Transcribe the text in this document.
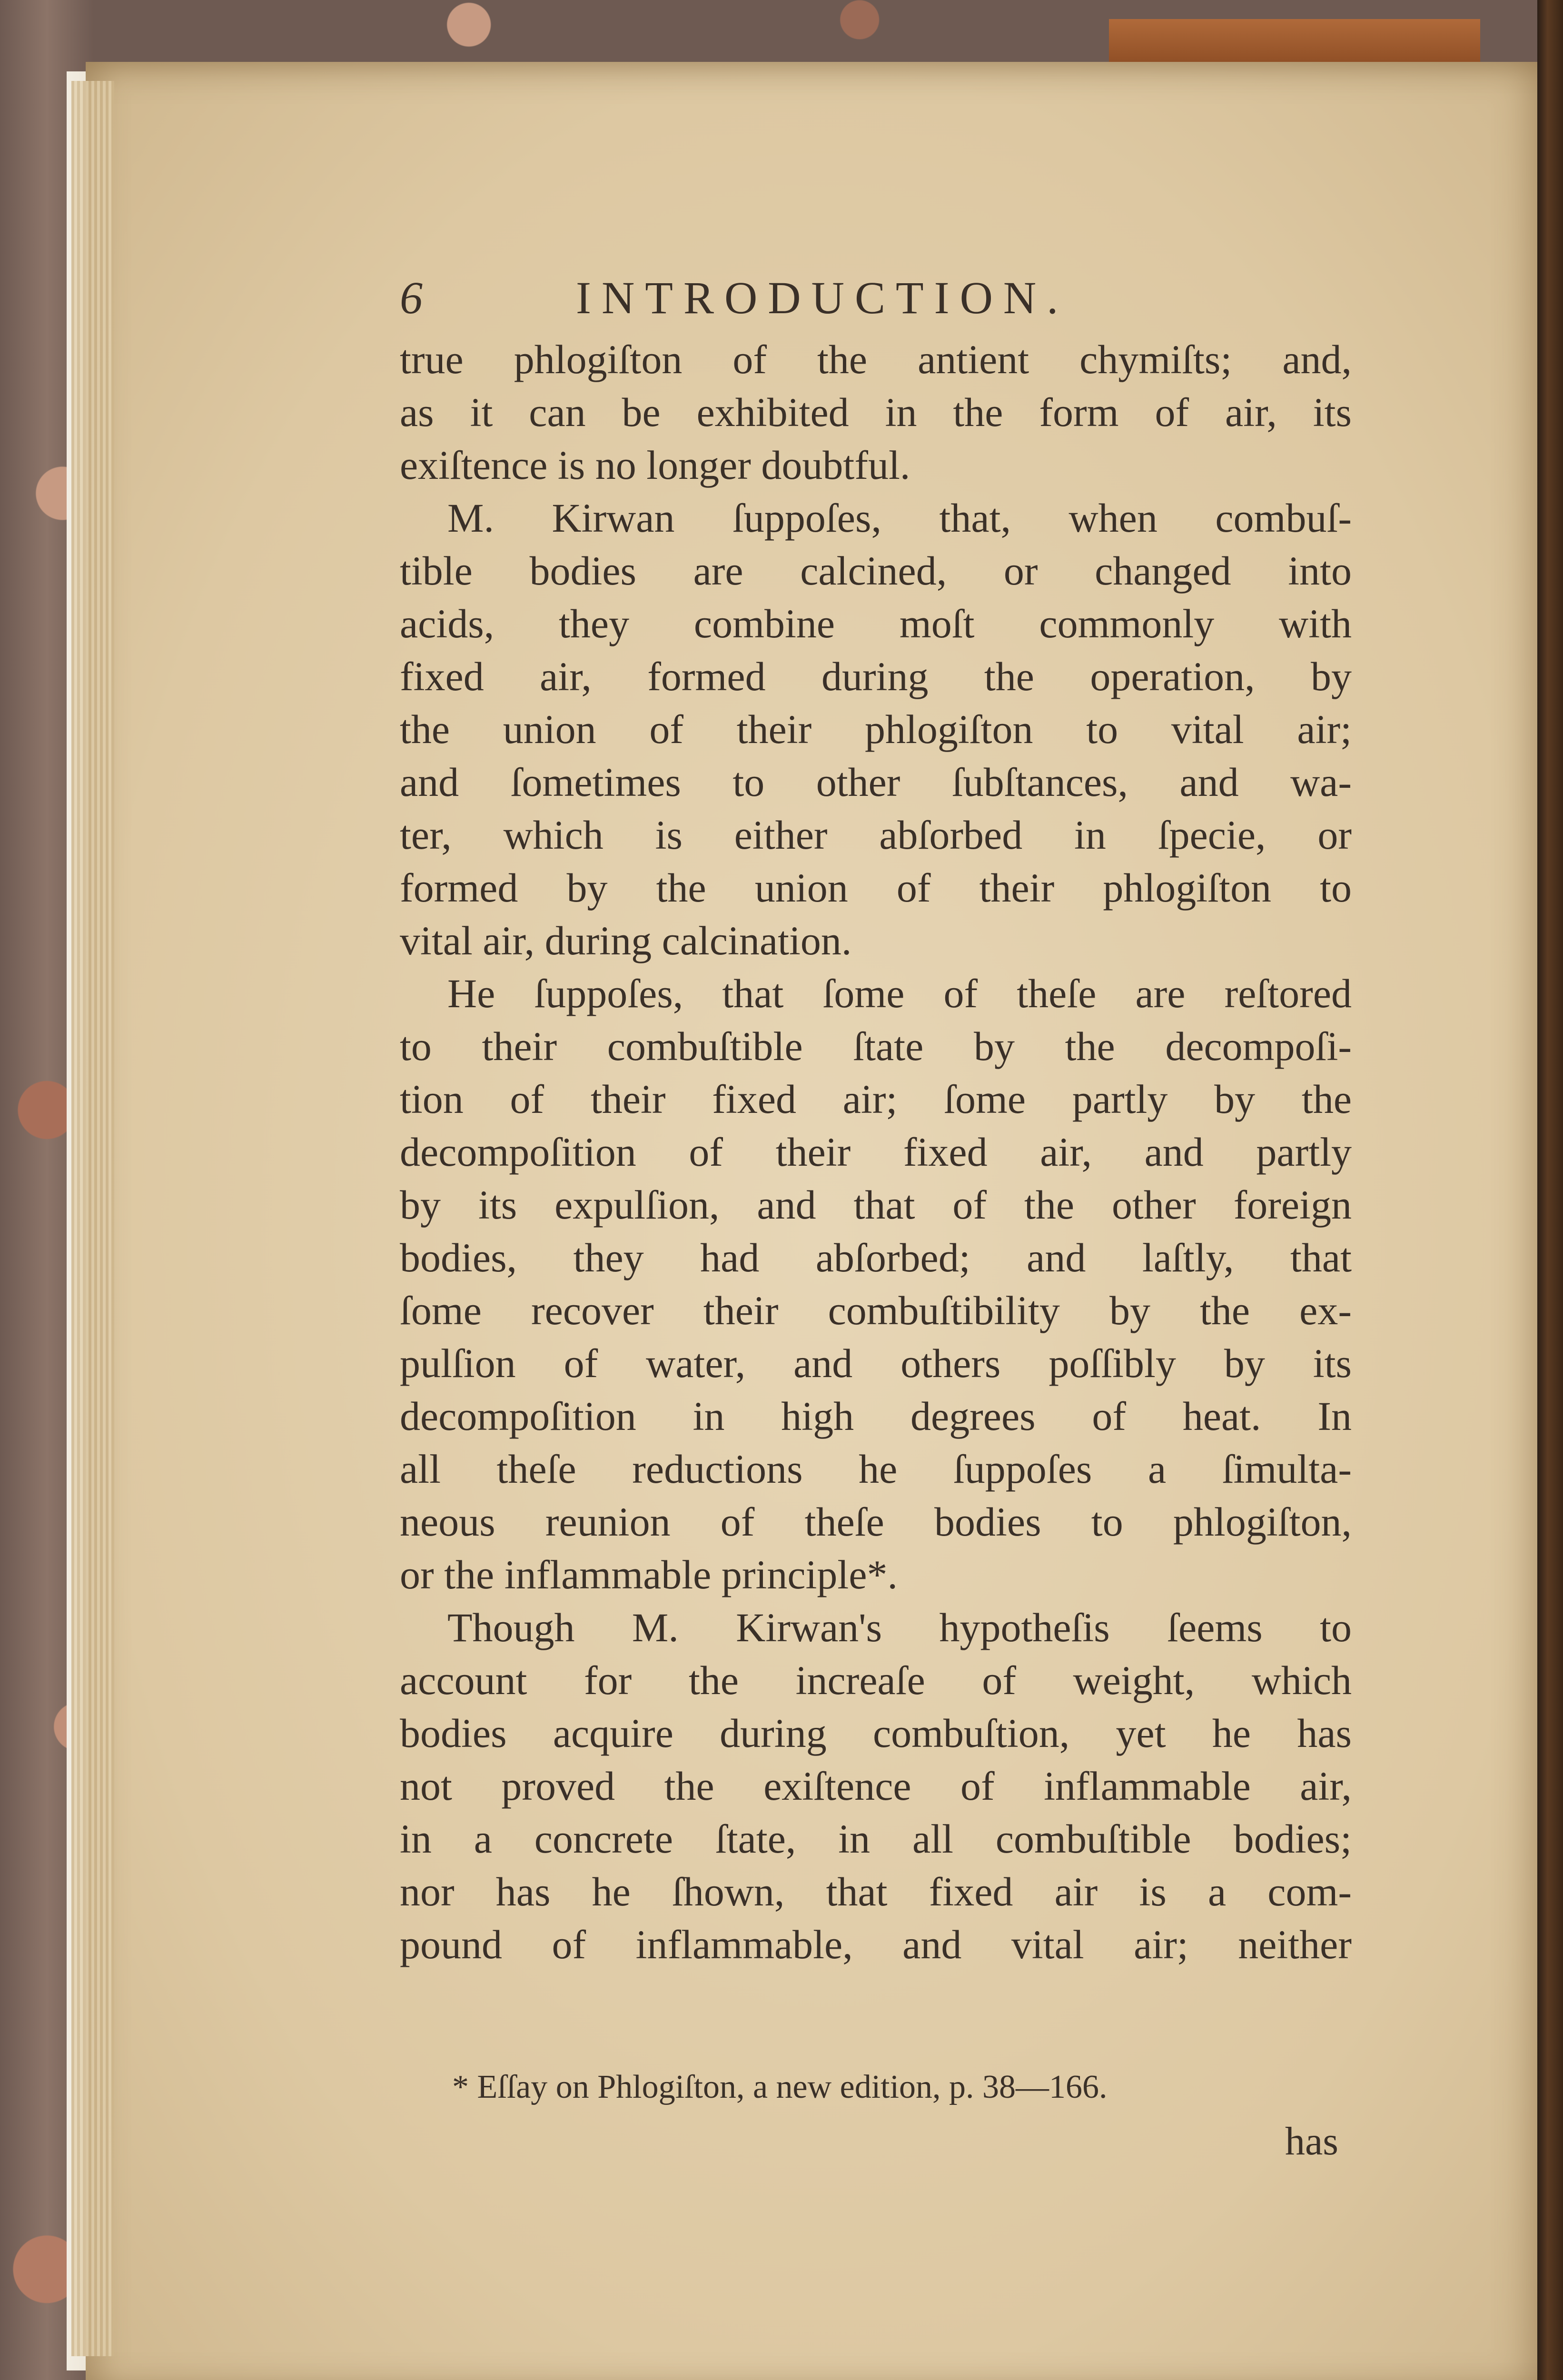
6	INTRODUCTION.
true phlogiſton of the antient chymiſts; and,
as it can be exhibited in the form of air, its
exiſtence is no longer doubtful.
M. Kirwan ſuppoſes, that, when combuſ-
tible bodies are calcined, or changed into
acids, they combine moſt commonly with
fixed air, formed during the operation, by
the union of their phlogiſton to vital air;
and ſometimes to other ſubſtances, and wa-
ter, which is either abſorbed in ſpecie, or
formed by the union of their phlogiſton to
vital air, during calcination.
He ſuppoſes, that ſome of theſe are reſtored
to their combuſtible ſtate by the decompoſi-
tion of their fixed air; ſome partly by the
decompoſition of their fixed air, and partly
by its expulſion, and that of the other foreign
bodies, they had abſorbed; and laſtly, that
ſome recover their combuſtibility by the ex-
pulſion of water, and others poſſibly by its
decompoſition in high degrees of heat. In
all theſe reductions he ſuppoſes a ſimulta-
neous reunion of theſe bodies to phlogiſton,
or the inflammable principle*.
Though M. Kirwan's hypotheſis ſeems to
account for the increaſe of weight, which
bodies acquire during combuſtion, yet he has
not proved the exiſtence of inflammable air,
in a concrete ſtate, in all combuſtible bodies;
nor has he ſhown, that fixed air is a com-
pound of inflammable, and vital air; neither
* Eſſay on Phlogiſton, a new edition, p. 38—166.
has
